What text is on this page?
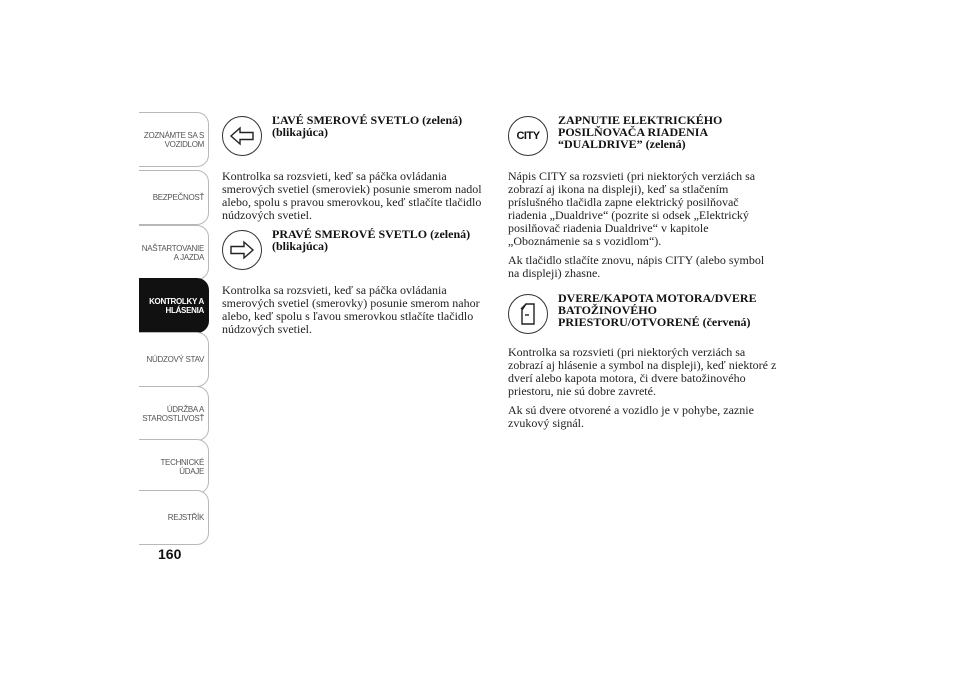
ZOZNÁMTE SA S
VOZIDLOM
BEZPEČNOSŤ
NAŠTARTOVANIE
A JAZDA
KONTROLKY A
HLÁSENIA
NÚDZOVÝ STAV
ÚDRŽBA A
STAROSTLIVOSŤ
TECHNICKÉ
ÚDAJE
REJSTŘÍK
160
ĽAVÉ SMEROVÉ SVETLO (zelená) (blikajúca)

Kontrolka sa rozsvieti, keď sa páčka ovládania smerových svetiel (smeroviek) posunie smerom nadol alebo, spolu s pravou smerovkou, keď stlačíte tlačidlo núdzových svetiel.

PRAVÉ SMEROVÉ SVETLO (zelená) (blikajúca)

Kontrolka sa rozsvieti, keď sa páčka ovládania smerových svetiel (smerovky) posunie smerom nahor alebo, keď spolu s ľavou smerovkou stlačíte tlačidlo núdzových svetiel.

CITY
ZAPNUTIE ELEKTRICKÉHO POSILŇOVAČA RIADENIA “DUALDRIVE” (zelená)

Nápis CITY sa rozsvieti (pri niektorých verziách sa zobrazí aj ikona na displeji), keď sa stlačením príslušného tlačidla zapne elektrický posilňovač riadenia „Dualdrive“ (pozrite si odsek „Elektrický posilňovač riadenia Dualdrive“ v kapitole „Oboznámenie sa s vozidlom“).

Ak tlačidlo stlačíte znovu, nápis CITY (alebo symbol na displeji) zhasne.

DVERE/KAPOTA MOTORA/DVERE BATOŽINOVÉHO PRIESTORU/OTVORENÉ (červená)

Kontrolka sa rozsvieti (pri niektorých verziách sa zobrazí aj hlásenie a symbol na displeji), keď niektoré z dverí alebo kapota motora, či dvere batožinového priestoru, nie sú dobre zavreté.

Ak sú dvere otvorené a vozidlo je v pohybe, zaznie zvukový signál.
